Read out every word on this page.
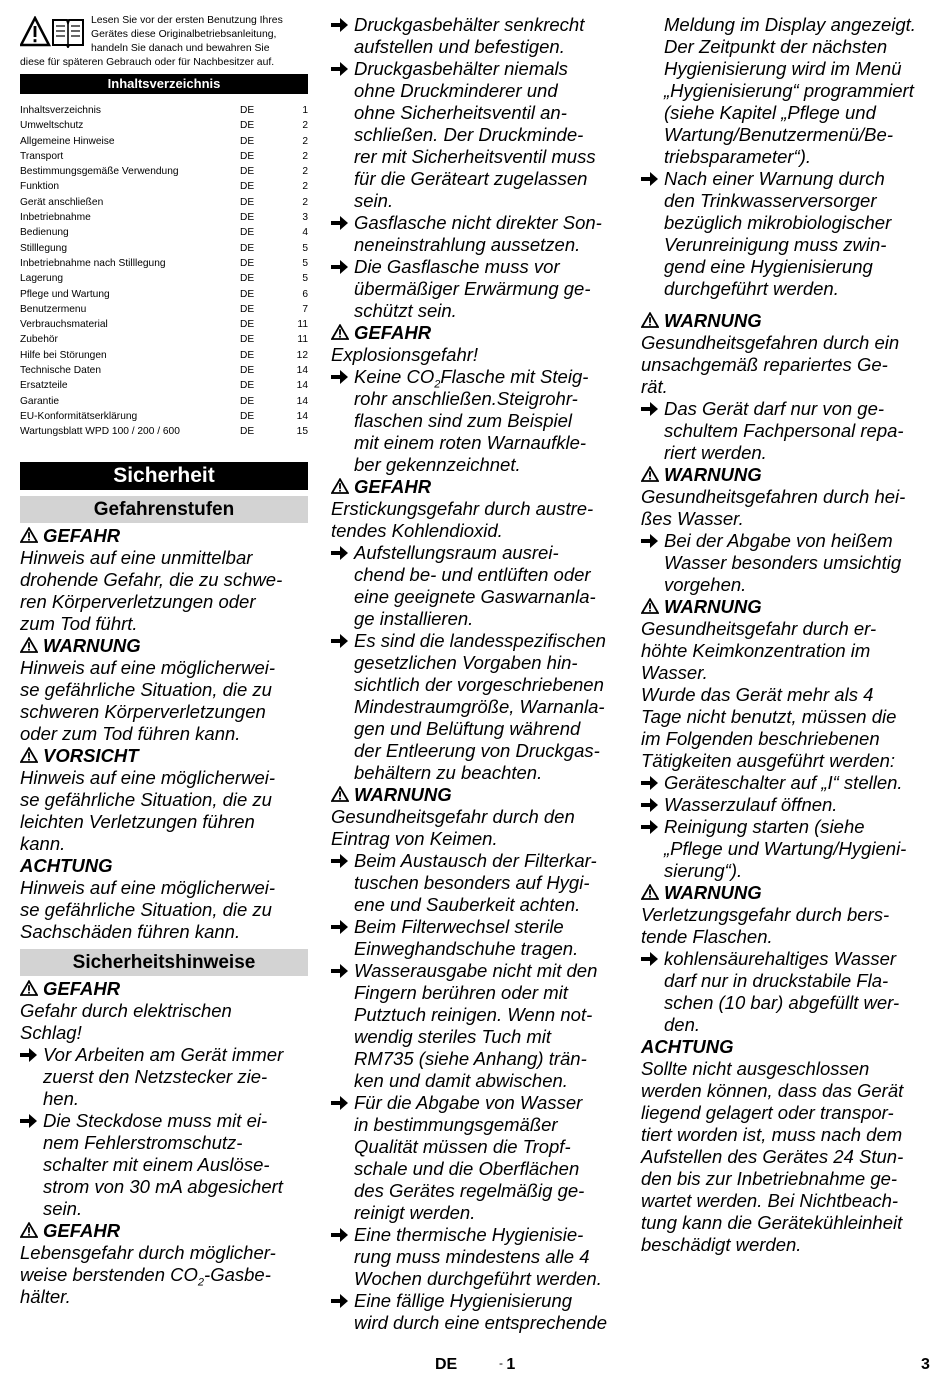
Lesen Sie vor der ersten Benutzung Ihres
Gerätes diese Originalbetriebsanleitung,
handeln Sie danach und bewahren Sie
diese für späteren Gebrauch oder für Nachbesitzer auf.
Inhaltsverzeichnis
Inhaltsverzeichnis	DE	1
Umweltschutz	DE	2
Allgemeine Hinweise	DE	2
Transport	DE	2
Bestimmungsgemäße Verwendung	DE	2
Funktion	DE	2
Gerät anschließen	DE	2
Inbetriebnahme	DE	3
Bedienung	DE	4
Stilllegung	DE	5
Inbetriebnahme nach Stilllegung	DE	5
Lagerung	DE	5
Pflege und Wartung	DE	6
Benutzermenu	DE	7
Verbrauchsmaterial	DE	11
Zubehör	DE	11
Hilfe bei Störungen	DE	12
Technische Daten	DE	14
Ersatzteile	DE	14
Garantie	DE	14
EU-Konformitätserklärung	DE	14
Wartungsblatt WPD 100 / 200 / 600	DE	15
Sicherheit
Gefahrenstufen
GEFAHR
Hinweis auf eine unmittelbar
drohende Gefahr, die zu schwe-
ren Körperverletzungen oder
zum Tod führt.
WARNUNG
Hinweis auf eine möglicherwei-
se gefährliche Situation, die zu
schweren Körperverletzungen
oder zum Tod führen kann.
VORSICHT
Hinweis auf eine möglicherwei-
se gefährliche Situation, die zu
leichten Verletzungen führen
kann.
ACHTUNG
Hinweis auf eine möglicherwei-
se gefährliche Situation, die zu
Sachschäden führen kann.
Sicherheitshinweise
GEFAHR
Gefahr durch elektrischen
Schlag!
Vor Arbeiten am Gerät immer
zuerst den Netzstecker zie-
hen.
Die Steckdose muss mit ei-
nem Fehlerstromschutz-
schalter mit einem Auslöse-
strom von 30 mA abgesichert
sein.
GEFAHR
Lebensgefahr durch möglicher-
weise berstenden $CO_2-Gasbe-$
hälter.
Druckgasbehälter senkrecht
aufstellen und befestigen.
Druckgasbehälter niemals
ohne Druckminderer und
ohne Sicherheitsventil an-
schließen. Der Druckminde-
rer mit Sicherheitsventil muss
für die Geräteart zugelassen
sein.
Gasflasche nicht direkter Son-
neneinstrahlung aussetzen.
Die Gasflasche muss vor
übermäßiger Erwärmung ge-
schützt sein.
GEFAHR
Explosionsgefahr!
Keine $CO_2Flasche$ mit Steig-
rohr anschließen.Steigrohr-
flaschen sind zum Beispiel
mit einem roten Warnaufkle-
ber gekennzeichnet.
GEFAHR
Erstickungsgefahr durch austre-
tendes Kohlendioxid.
Aufstellungsraum ausrei-
chend be- und entlüften oder
eine geeignete Gaswarnanla-
ge installieren.
Es sind die landesspezifischen
gesetzlichen Vorgaben hin-
sichtlich der vorgeschriebenen
Mindestraumgröße, Warnanla-
gen und Belüftung während
der Entleerung von Druckgas-
behältern zu beachten.
WARNUNG
Gesundheitsgefahr durch den
Eintrag von Keimen.
Beim Austausch der Filterkar-
tuschen besonders auf Hygi-
ene und Sauberkeit achten.
Beim Filterwechsel sterile
Einweghandschuhe tragen.
Wasserausgabe nicht mit den
Fingern berühren oder mit
Putztuch reinigen. Wenn not-
wendig steriles Tuch mit
RM735 (siehe Anhang) trän-
ken und damit abwischen.
Für die Abgabe von Wasser
in bestimmungsgemäßer
Qualität müssen die Tropf-
schale und die Oberflächen
des Gerätes regelmäßig ge-
reinigt werden.
Eine thermische Hygienisie-
rung muss mindestens alle 4
Wochen durchgeführt werden.
Eine fällige Hygienisierung
wird durch eine entsprechende
Meldung im Display angezeigt.
Der Zeitpunkt der nächsten
Hygienisierung wird im Menü
„Hygienisierung“ programmiert
(siehe Kapitel „Pflege und
Wartung/Benutzermenü/Be-
triebsparameter“).
Nach einer Warnung durch
den Trinkwasserversorger
bezüglich mikrobiologischer
Verunreinigung muss zwin-
gend eine Hygienisierung
durchgeführt werden.
WARNUNG
Gesundheitsgefahren durch ein
unsachgemäß repariertes Ge-
rät.
Das Gerät darf nur von ge-
schultem Fachpersonal repa-
riert werden.
WARNUNG
Gesundheitsgefahren durch hei-
ßes Wasser.
Bei der Abgabe von heißem
Wasser besonders umsichtig
vorgehen.
WARNUNG
Gesundheitsgefahr durch er-
höhte Keimkonzentration im
Wasser.
Wurde das Gerät mehr als 4
Tage nicht benutzt, müssen die
im Folgenden beschriebenen
Tätigkeiten ausgeführt werden:
Geräteschalter auf „I“ stellen.
Wasserzulauf öffnen.
Reinigung starten (siehe
„Pflege und Wartung/Hygieni-
sierung“).
WARNUNG
Verletzungsgefahr durch bers-
tende Flaschen.
kohlensäurehaltiges Wasser
darf nur in druckstabile Fla-
schen (10 bar) abgefüllt wer-
den.
ACHTUNG
Sollte nicht ausgeschlossen
werden können, dass das Gerät
liegend gelagert oder transpor-
tiert worden ist, muss nach dem
Aufstellen des Gerätes 24 Stun-
den bis zur Inbetriebnahme ge-
wartet werden. Bei Nichtbeach-
tung kann die Gerätekühleinheit
beschädigt werden.
DE	- 1	3
